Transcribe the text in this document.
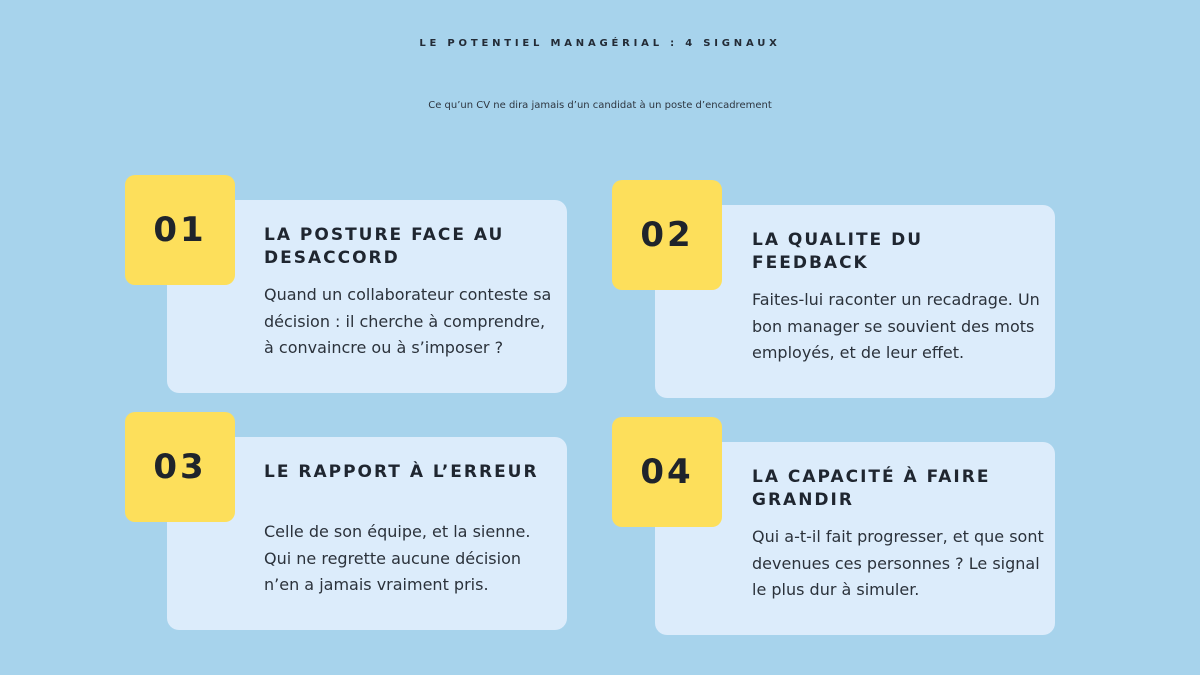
LE POTENTIEL MANAGÉRIAL : 4 SIGNAUX

Ce qu’un CV ne dira jamais d’un candidat à un poste d’encadrement

LA POSTURE FACE AU DESACCORD
Quand un collaborateur conteste sa décision : il cherche à comprendre, à convaincre ou à s’imposer ?
01	LA QUALITE DU FEEDBACK
Faites-lui raconter un recadrage. Un bon manager se souvient des mots employés, et de leur effet.
02
LE RAPPORT À L’ERREUR
Celle de son équipe, et la sienne. Qui ne regrette aucune décision n’en a jamais vraiment pris.
03	LA CAPACITÉ À FAIRE GRANDIR
Qui a-t-il fait progresser, et que sont devenues ces personnes ? Le signal le plus dur à simuler.
04
